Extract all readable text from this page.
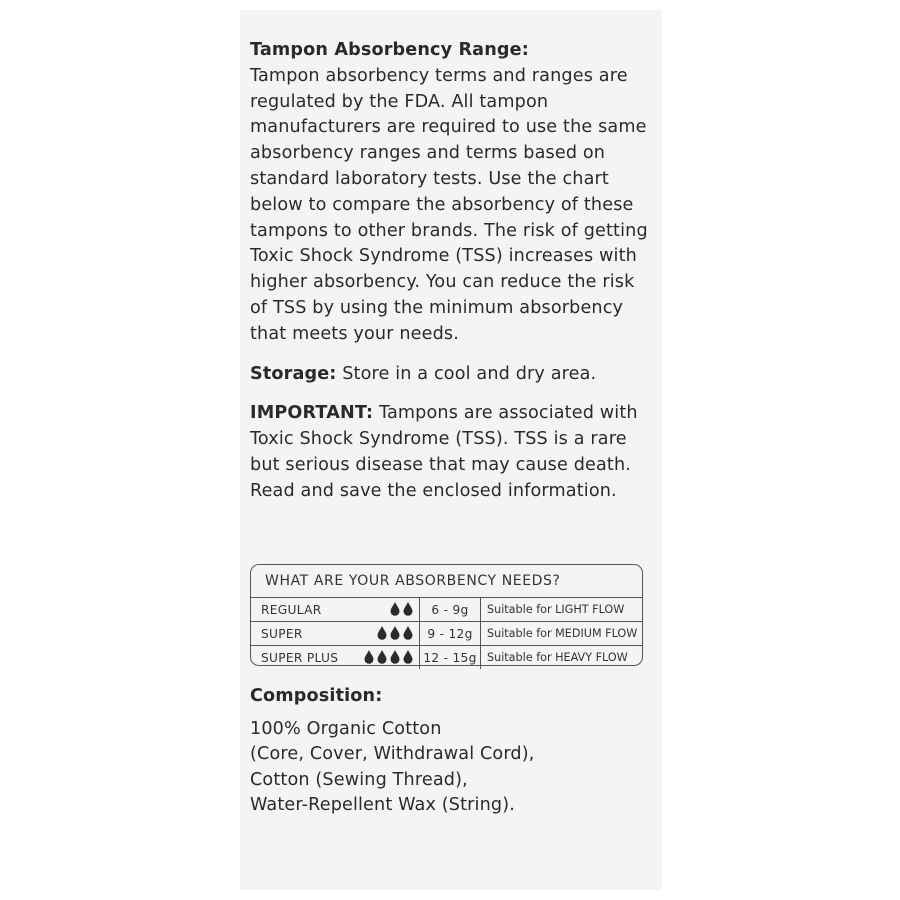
Tampon Absorbency Range:

Tampon absorbency terms and ranges are regulated by the FDA. All tampon manufacturers are required to use the same absorbency ranges and terms based on standard laboratory tests. Use the chart below to compare the absorbency of these tampons to other brands. The risk of getting Toxic Shock Syndrome (TSS) increases with higher absorbency. You can reduce the risk of TSS by using the minimum absorbency that meets your needs.

Storage: Store in a cool and dry area.
IMPORTANT: Tampons are associated with Toxic Shock Syndrome (TSS). TSS is a rare but serious disease that may cause death. Read and save the enclosed information.
WHAT ARE YOUR ABSORBENCY NEEDS?
REGULAR	6 - 9g	Suitable for LIGHT FLOW
SUPER	9 - 12g	Suitable for MEDIUM FLOW
SUPER PLUS	12 - 15g	Suitable for HEAVY FLOW
Composition:
100% Organic Cotton
(Core, Cover, Withdrawal Cord),
Cotton (Sewing Thread),
Water-Repellent Wax (String).
